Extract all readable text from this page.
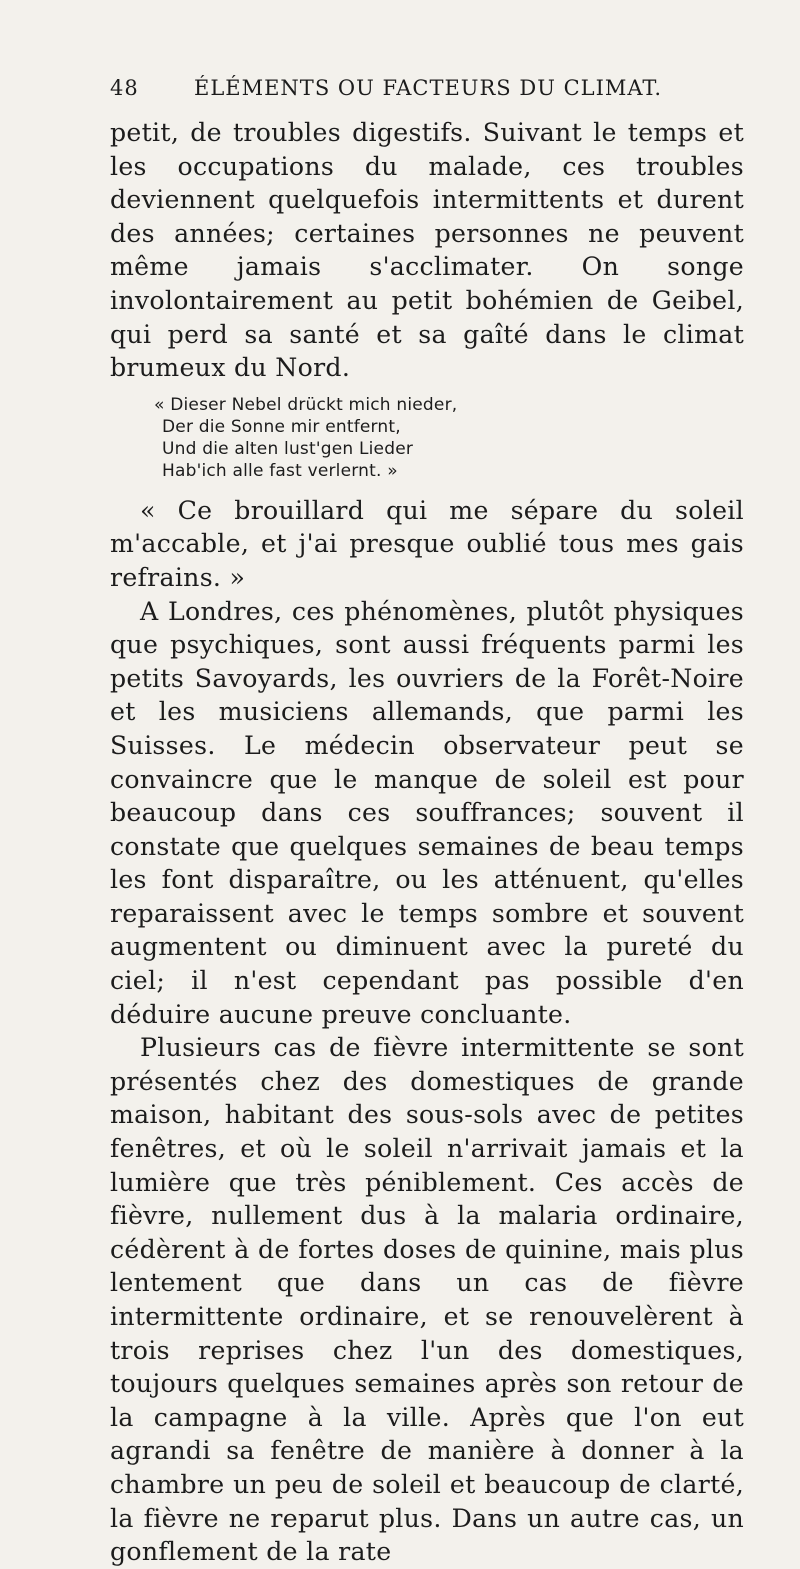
48	ÉLÉMENTS OU FACTEURS DU CLIMAT.

petit, de troubles digestifs. Suivant le temps et les occupations du malade, ces troubles deviennent quelquefois intermittents et durent des années; certaines personnes ne peuvent même jamais s'acclimater. On songe involontairement au petit bohémien de Geibel, qui perd sa santé et sa gaîté dans le climat brumeux du Nord.

« Dieser Nebel drückt mich nieder,
Der die Sonne mir entfernt,
Und die alten lust'gen Lieder
Hab'ich alle fast verlernt. »

« Ce brouillard qui me sépare du soleil m'accable, et j'ai presque oublié tous mes gais refrains. »

A Londres, ces phénomènes, plutôt physiques que psychiques, sont aussi fréquents parmi les petits Savoyards, les ouvriers de la Forêt-Noire et les musiciens allemands, que parmi les Suisses. Le médecin observateur peut se convaincre que le manque de soleil est pour beaucoup dans ces souffrances; souvent il constate que quelques semaines de beau temps les font disparaître, ou les atténuent, qu'elles reparaissent avec le temps sombre et souvent augmentent ou diminuent avec la pureté du ciel; il n'est cependant pas possible d'en déduire aucune preuve concluante.

Plusieurs cas de fièvre intermittente se sont présentés chez des domestiques de grande maison, habitant des sous-sols avec de petites fenêtres, et où le soleil n'arrivait jamais et la lumière que très péniblement. Ces accès de fièvre, nullement dus à la malaria ordinaire, cédèrent à de fortes doses de quinine, mais plus lentement que dans un cas de fièvre intermittente ordinaire, et se renouvelèrent à trois reprises chez l'un des domestiques, toujours quelques semaines après son retour de la campagne à la ville. Après que l'on eut agrandi sa fenêtre de manière à donner à la chambre un peu de soleil et beaucoup de clarté, la fièvre ne reparut plus. Dans un autre cas, un gonflement de la rate
